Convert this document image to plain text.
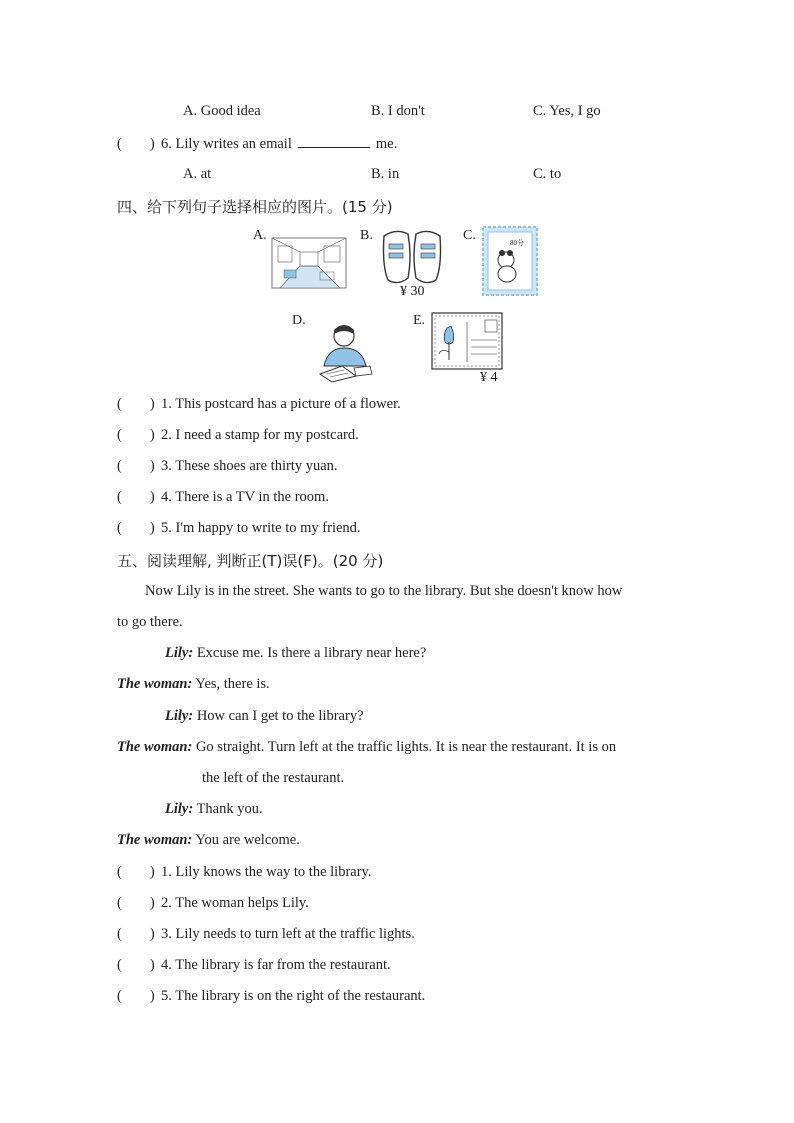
A. Good idea	B. I don't	C. Yes, I go
( ) 6. Lily writes an email	me.
A. at	B. in	C. to
四、给下列句子选择相应的图片。(15 分)
A.	B.
¥ 30
C.	80分
D.	E.
¥ 4
( ) 1. This postcard has a picture of a flower.
( ) 2. I need a stamp for my postcard.
( ) 3. These shoes are thirty yuan.
( ) 4. There is a TV in the room.
( ) 5. I'm happy to write to my friend.
五、阅读理解, 判断正(T)误(F)。(20 分)
Now Lily is in the street. She wants to go to the library. But she doesn't know how
to go there.
Lily: Excuse me. Is there a library near here?
The woman: Yes, there is.
Lily: How can I get to the library?
The woman: Go straight. Turn left at the traffic lights. It is near the restaurant. It is on
the left of the restaurant.
Lily: Thank you.
The woman: You are welcome.
( ) 1. Lily knows the way to the library.
( ) 2. The woman helps Lily.
( ) 3. Lily needs to turn left at the traffic lights.
( ) 4. The library is far from the restaurant.
( ) 5. The library is on the right of the restaurant.
